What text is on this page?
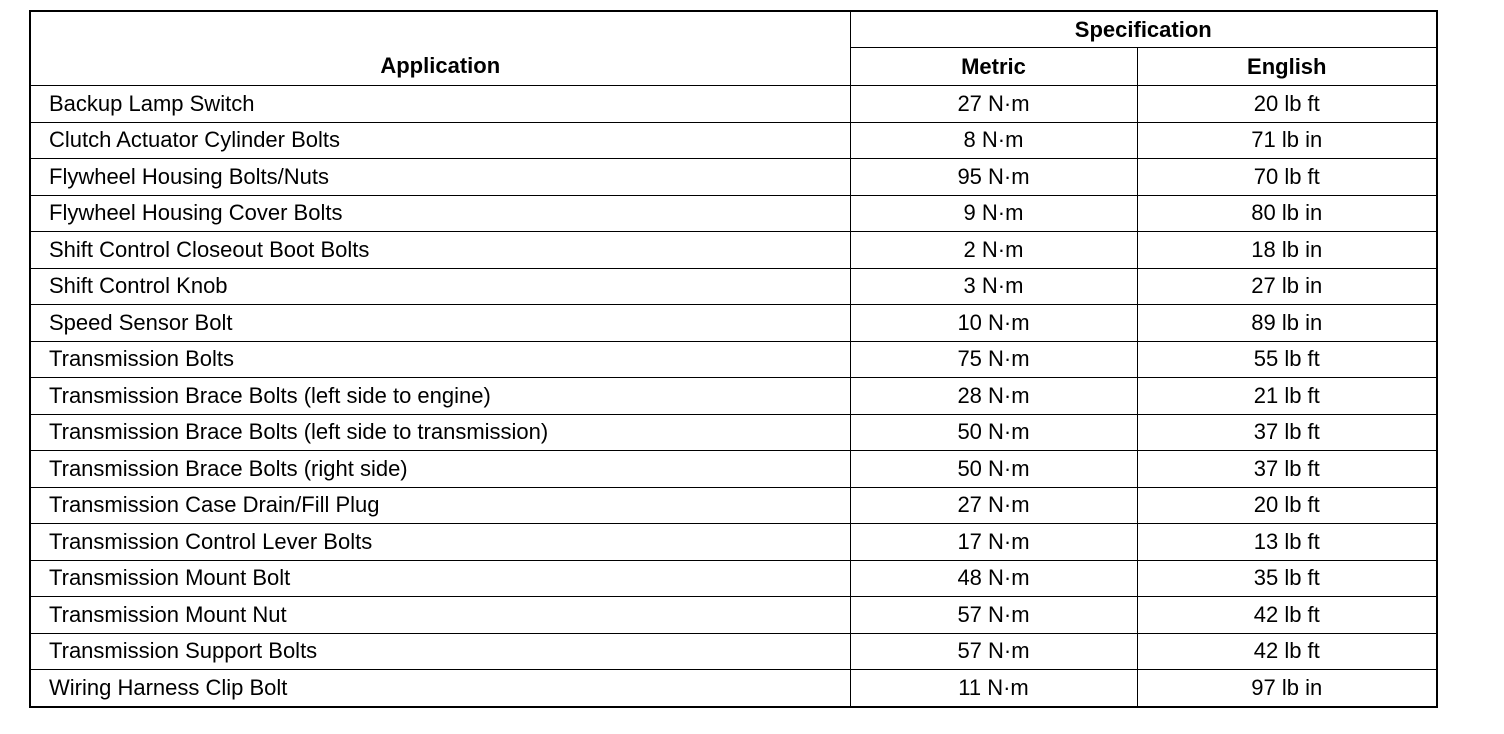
Application	Specification	
	Metric	English
Backup Lamp Switch	27 N·m	20 lb ft
Clutch Actuator Cylinder Bolts	8 N·m	71 lb in
Flywheel Housing Bolts/Nuts	95 N·m	70 lb ft
Flywheel Housing Cover Bolts	9 N·m	80 lb in
Shift Control Closeout Boot Bolts	2 N·m	18 lb in
Shift Control Knob	3 N·m	27 lb in
Speed Sensor Bolt	10 N·m	89 lb in
Transmission Bolts	75 N·m	55 lb ft
Transmission Brace Bolts (left side to engine)	28 N·m	21 lb ft
Transmission Brace Bolts (left side to transmission)	50 N·m	37 lb ft
Transmission Brace Bolts (right side)	50 N·m	37 lb ft
Transmission Case Drain/Fill Plug	27 N·m	20 lb ft
Transmission Control Lever Bolts	17 N·m	13 lb ft
Transmission Mount Bolt	48 N·m	35 lb ft
Transmission Mount Nut	57 N·m	42 lb ft
Transmission Support Bolts	57 N·m	42 lb ft
Wiring Harness Clip Bolt	11 N·m	97 lb in
